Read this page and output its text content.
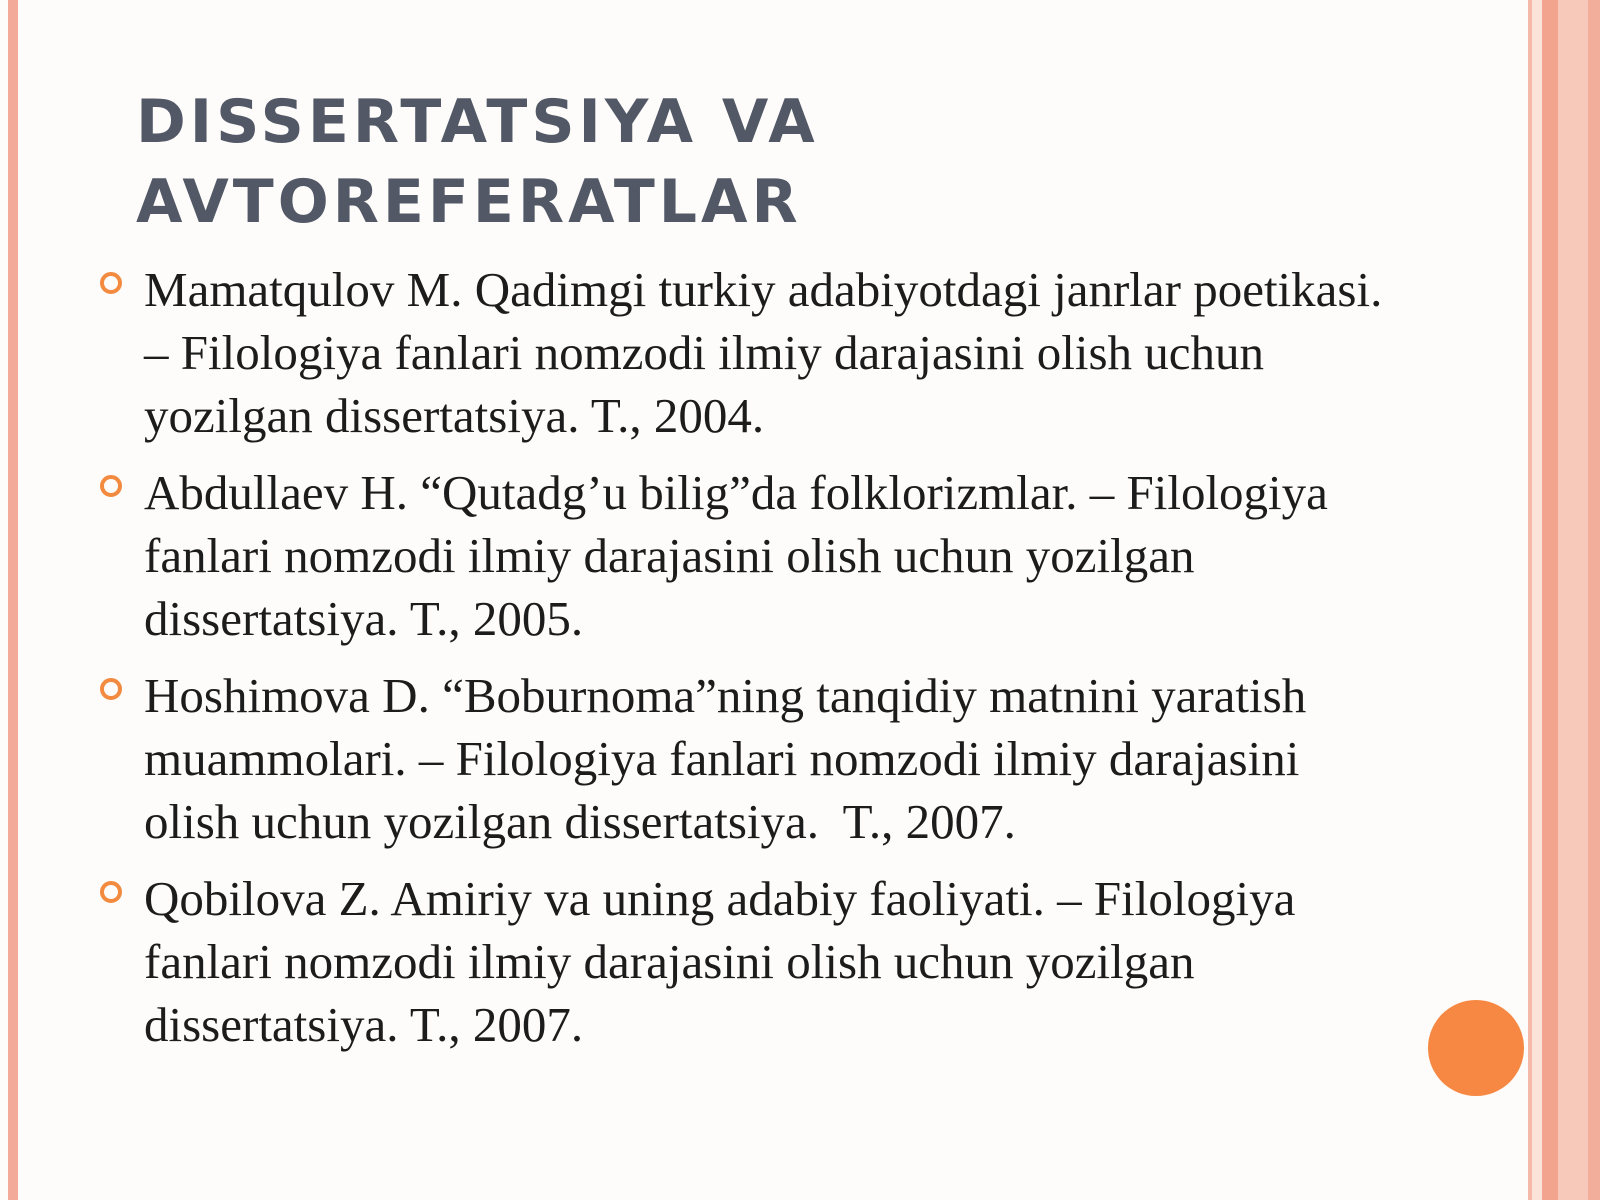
DISSERTATSIYA VA
AVTOREFERATLAR
Mamatqulov M. Qadimgi turkiy adabiyotdagi janrlar poetikasi.
– Filologiya fanlari nomzodi ilmiy darajasini olish uchun
yozilgan dissertatsiya. T., 2004.
Abdullaev H. “Qutadg’u bilig”da folklorizmlar. – Filologiya
fanlari nomzodi ilmiy darajasini olish uchun yozilgan
dissertatsiya. T., 2005.
Hoshimova D. “Boburnoma”ning tanqidiy matnini yaratish
muammolari. – Filologiya fanlari nomzodi ilmiy darajasini
olish uchun yozilgan dissertatsiya.  T., 2007.
Qobilova Z. Amiriy va uning adabiy faoliyati. – Filologiya
fanlari nomzodi ilmiy darajasini olish uchun yozilgan
dissertatsiya. T., 2007.
